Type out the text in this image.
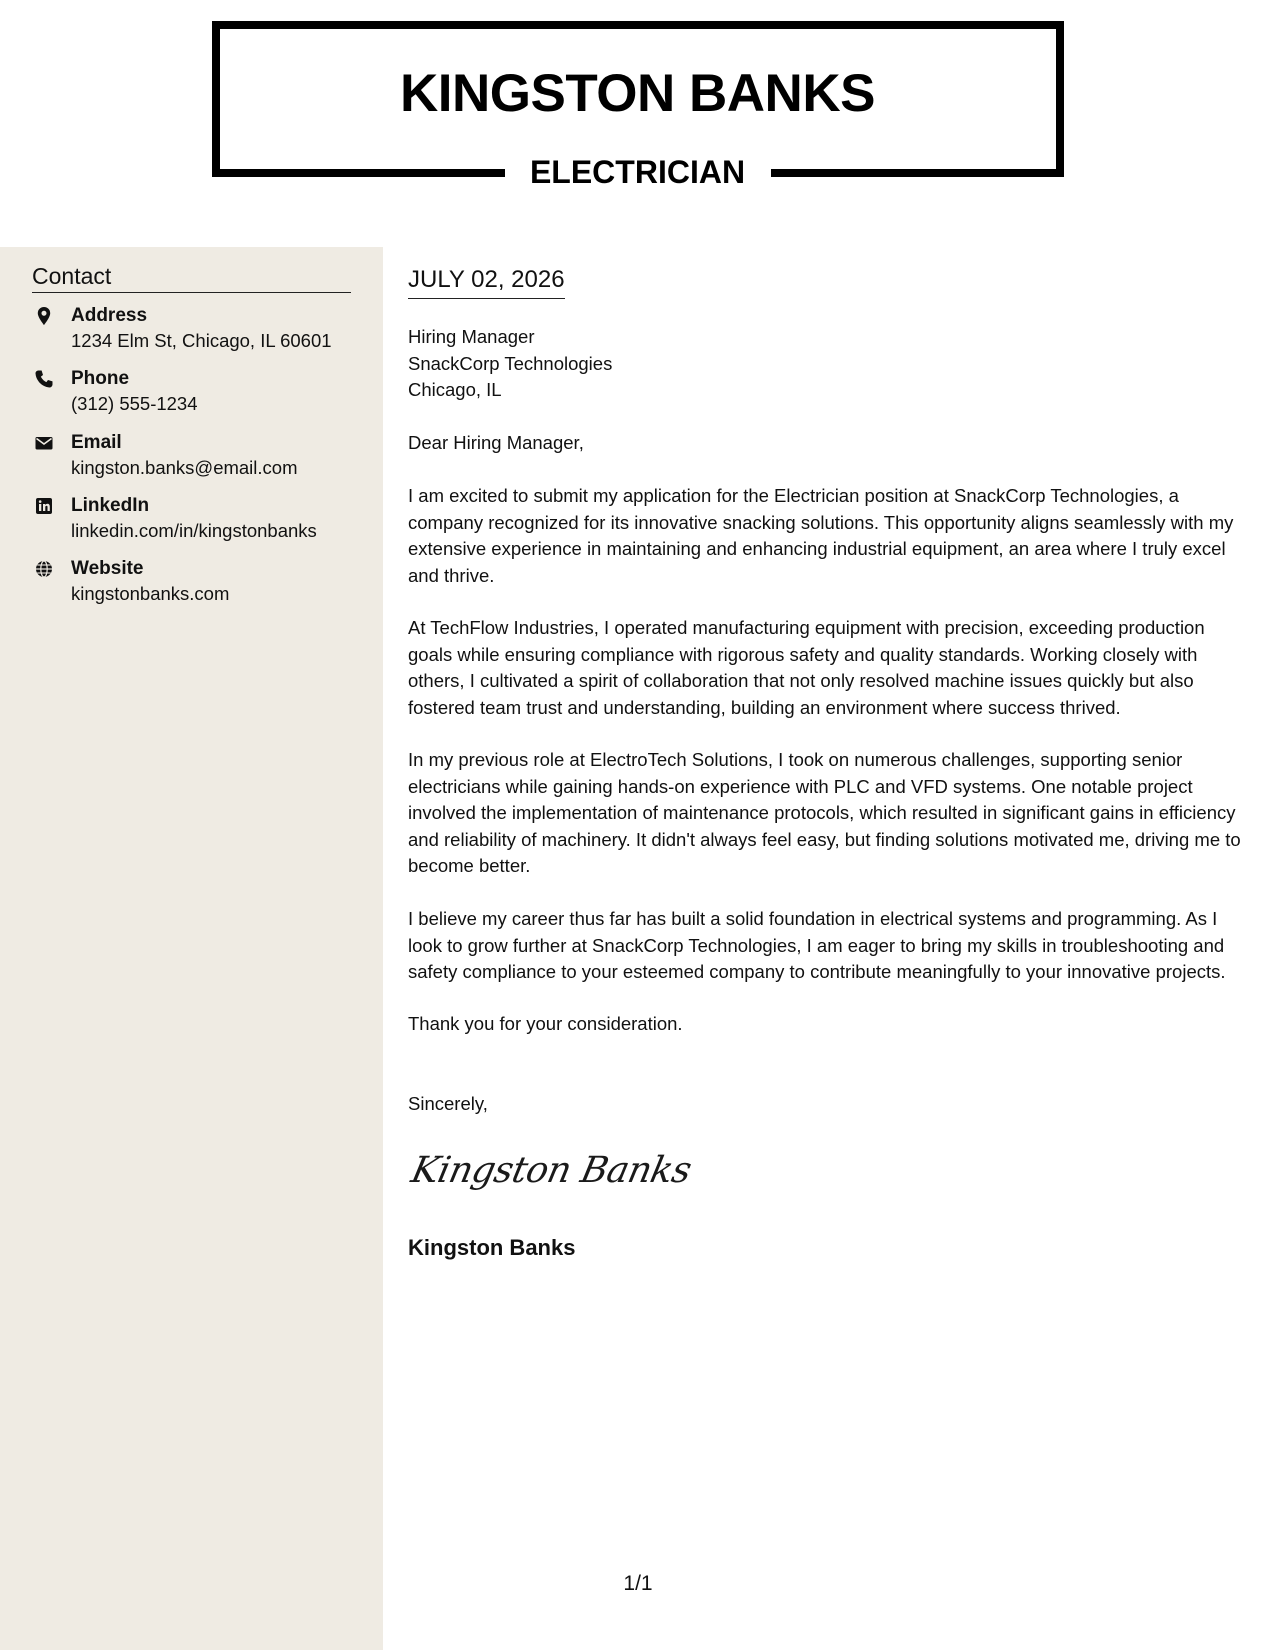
KINGSTON BANKS
ELECTRICIAN
Contact
Address
1234 Elm St, Chicago, IL 60601
Phone
(312) 555-1234
Email
kingston.banks@email.com
LinkedIn
linkedin.com/in/kingstonbanks
Website
kingstonbanks.com
JULY 02, 2026
Hiring Manager
SnackCorp Technologies
Chicago, IL

Dear Hiring Manager,

I am excited to submit my application for the Electrician position at SnackCorp Technologies, a company recognized for its innovative snacking solutions. This opportunity aligns seamlessly with my extensive experience in maintaining and enhancing industrial equipment, an area where I truly excel and thrive.

At TechFlow Industries, I operated manufacturing equipment with precision, exceeding production goals while ensuring compliance with rigorous safety and quality standards. Working closely with others, I cultivated a spirit of collaboration that not only resolved machine issues quickly but also fostered team trust and understanding, building an environment where success thrived.

In my previous role at ElectroTech Solutions, I took on numerous challenges, supporting senior electricians while gaining hands-on experience with PLC and VFD systems. One notable project involved the implementation of maintenance protocols, which resulted in significant gains in efficiency and reliability of machinery. It didn't always feel easy, but finding solutions motivated me, driving me to become better.

I believe my career thus far has built a solid foundation in electrical systems and programming. As I look to grow further at SnackCorp Technologies, I am eager to bring my skills in troubleshooting and safety compliance to your esteemed company to contribute meaningfully to your innovative projects.

Thank you for your consideration.

Sincerely,

Kingston Banks
Kingston Banks
1/1
